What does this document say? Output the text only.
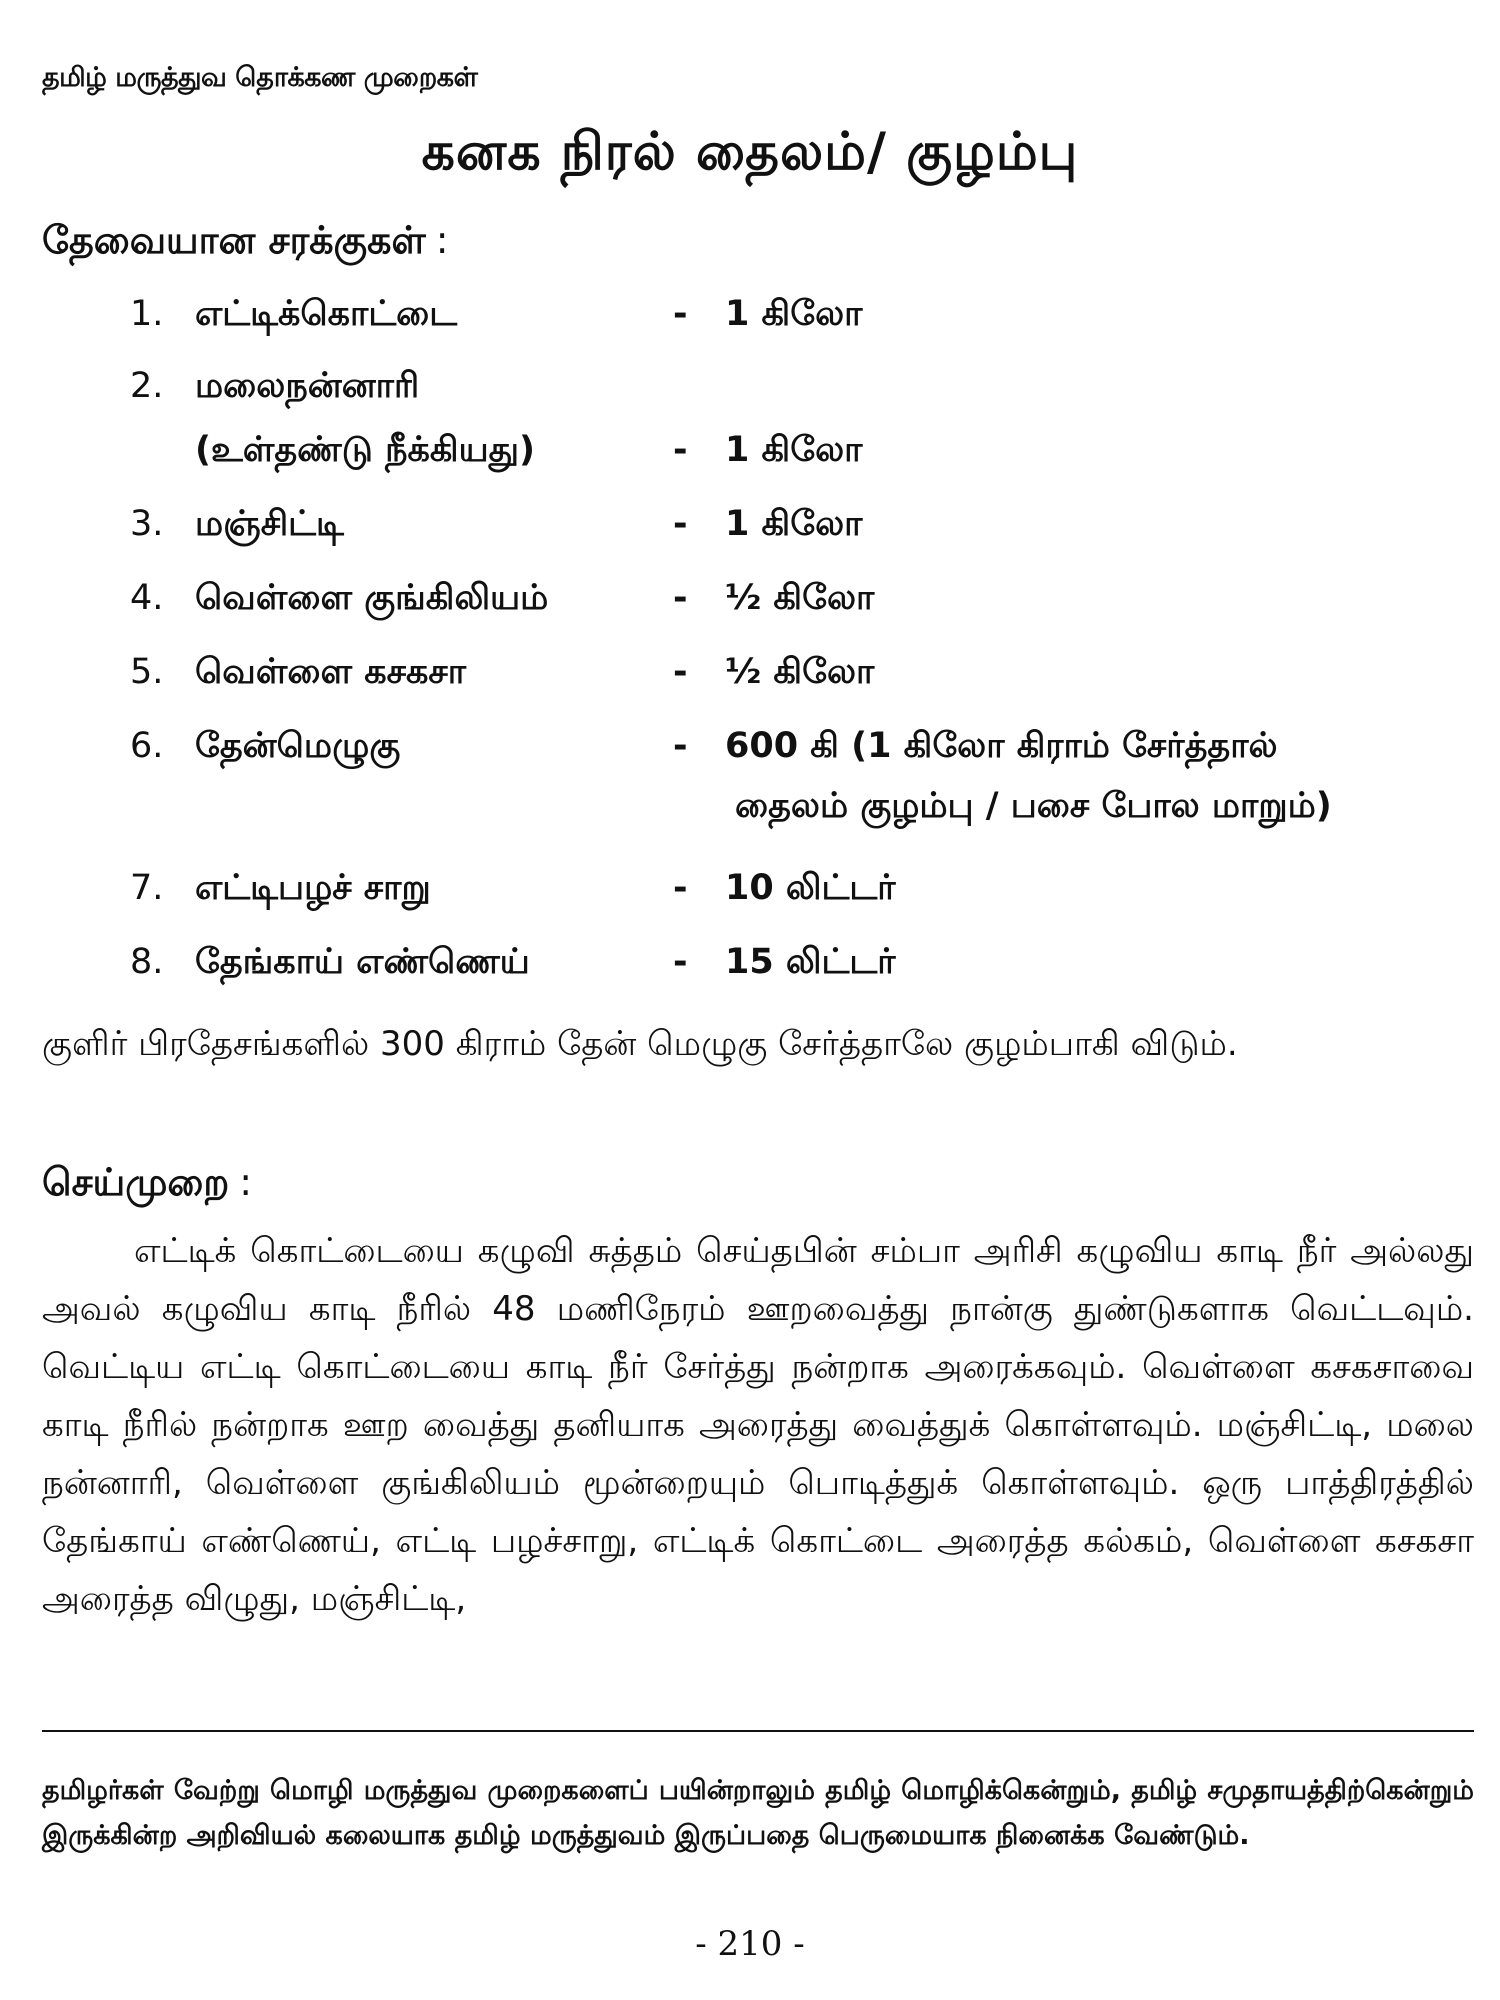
தமிழ் மருத்துவ தொக்கண முறைகள்
கனக நிரல் தைலம்/ குழம்பு
தேவையான சரக்குகள் :
1. எட்டிக்கொட்டை	- 1 கிலோ
2. மலைநன்னாரி
(உள்தண்டு நீக்கியது)	- 1 கிலோ
3. மஞ்சிட்டி	- 1 கிலோ
4. வெள்ளை குங்கிலியம்	- ½ கிலோ
5. வெள்ளை கசகசா	- ½ கிலோ
6. தேன்மெழுகு	- 600 கி (1 கிலோ கிராம் சேர்த்தால்
தைலம் குழம்பு / பசை போல மாறும்)
7. எட்டிபழச் சாறு	- 10 லிட்டர்
8. தேங்காய் எண்ணெய்	- 15 லிட்டர்
குளிர் பிரதேசங்களில் 300 கிராம் தேன் மெழுகு சேர்த்தாலே குழம்பாகி விடும்.
செய்முறை :
எட்டிக் கொட்டையை கழுவி சுத்தம் செய்தபின் சம்பா அரிசி கழுவிய காடி நீர் அல்லது அவல் கழுவிய காடி நீரில் 48 மணிநேரம் ஊறவைத்து நான்கு துண்டுகளாக வெட்டவும். வெட்டிய எட்டி கொட்டையை காடி நீர் சேர்த்து நன்றாக அரைக்கவும். வெள்ளை கசகசாவை காடி நீரில் நன்றாக ஊற வைத்து தனியாக அரைத்து வைத்துக் கொள்ளவும். மஞ்சிட்டி, மலை நன்னாரி, வெள்ளை குங்கிலியம் மூன்றையும் பொடித்துக் கொள்ளவும். ஒரு பாத்திரத்தில் தேங்காய் எண்ணெய், எட்டி பழச்சாறு, எட்டிக் கொட்டை அரைத்த கல்கம், வெள்ளை கசகசா அரைத்த விழுது, மஞ்சிட்டி,
தமிழர்கள் வேற்று மொழி மருத்துவ முறைகளைப் பயின்றாலும் தமிழ் மொழிக்கென்றும், தமிழ் சமுதாயத்திற்கென்றும் இருக்கின்ற அறிவியல் கலையாக தமிழ் மருத்துவம் இருப்பதை பெருமையாக நினைக்க வேண்டும்.
- 210 -
